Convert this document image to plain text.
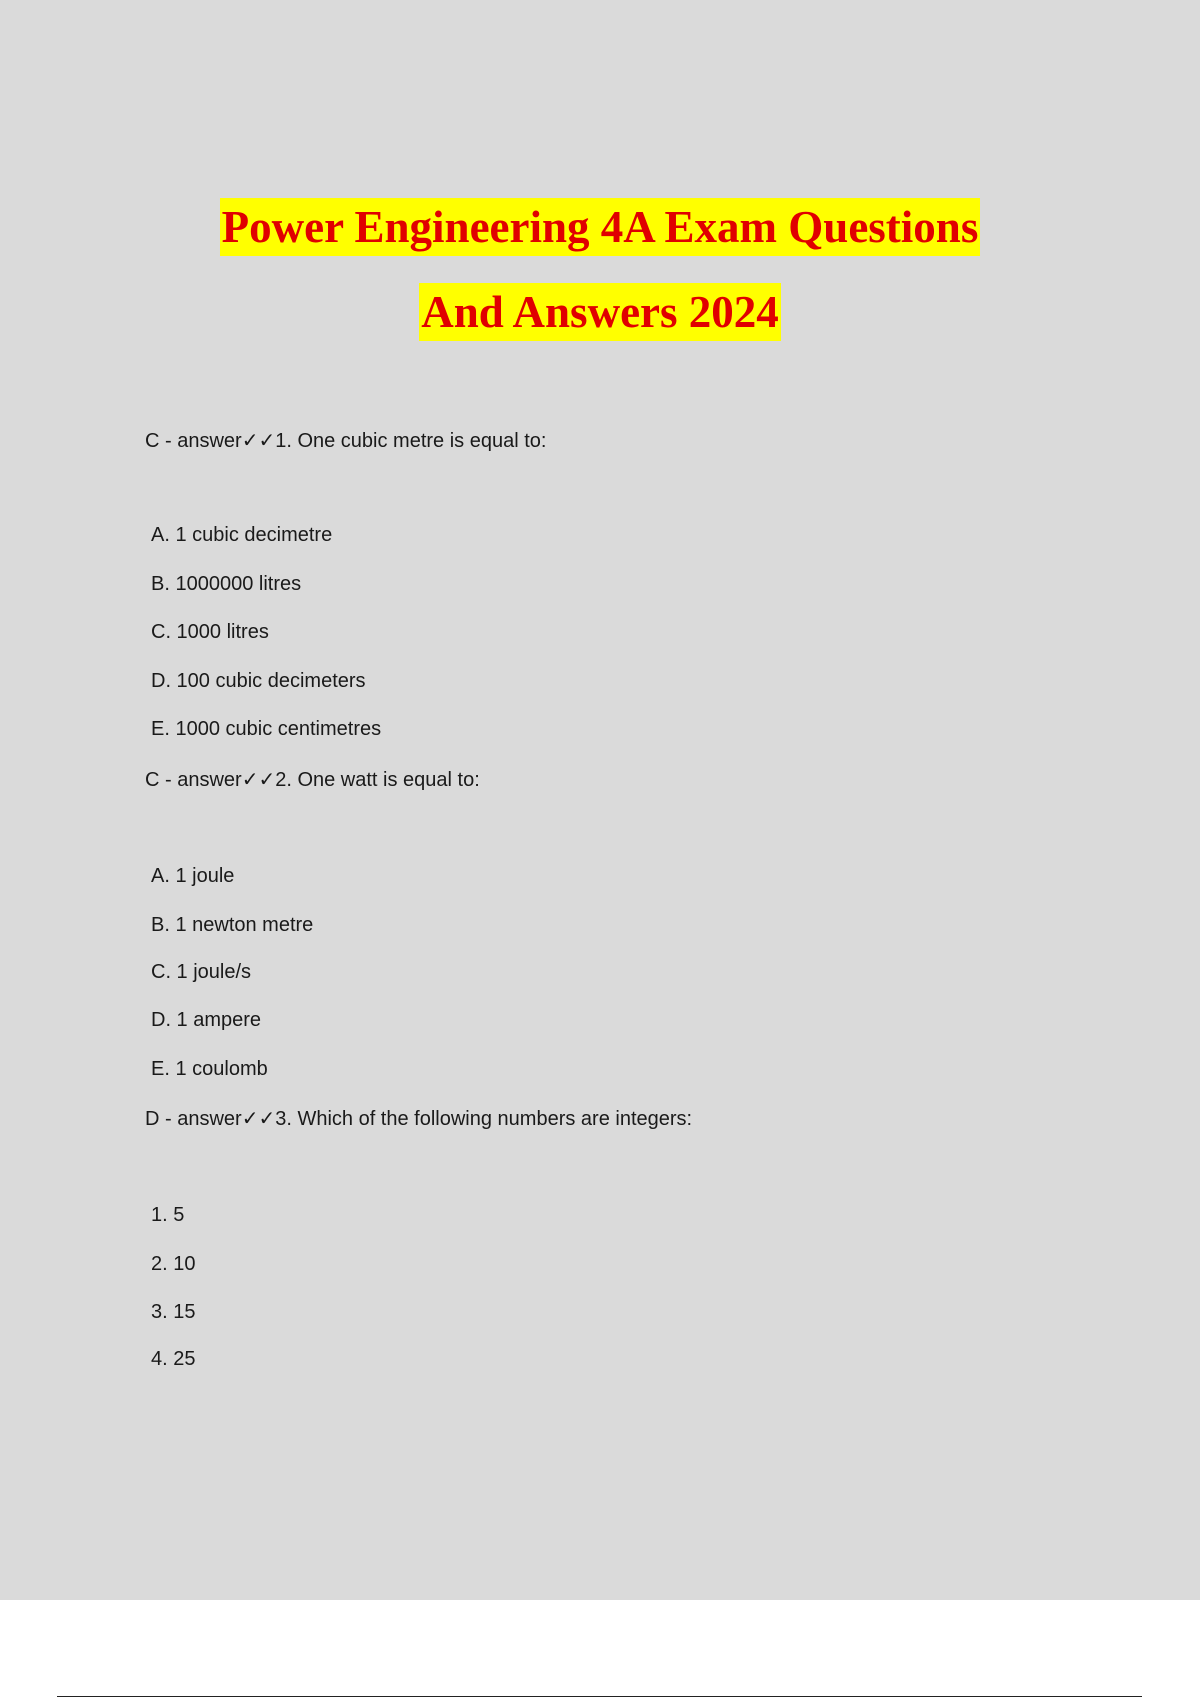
Power Engineering 4A Exam Questions
And Answers 2024
C - answer✓✓1. One cubic metre is equal to:
A. 1 cubic decimetre
B. 1000000 litres
C. 1000 litres
D. 100 cubic decimeters
E. 1000 cubic centimetres
C - answer✓✓2. One watt is equal to:
A. 1 joule
B. 1 newton metre
C. 1 joule/s
D. 1 ampere
E. 1 coulomb
D - answer✓✓3. Which of the following numbers are integers:
1. 5
2. 10
3. 15
4. 25
